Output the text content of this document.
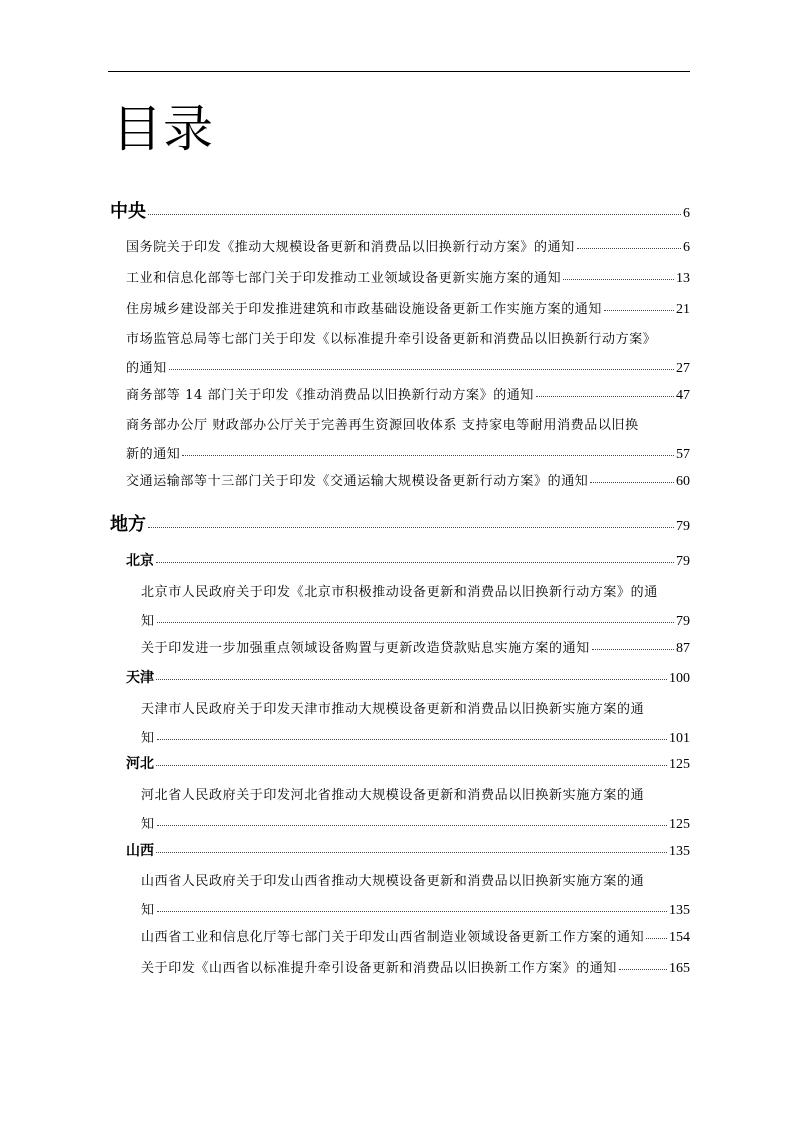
目录
中央	6
国务院关于印发《推动大规模设备更新和消费品以旧换新行动方案》的通知	6
工业和信息化部等七部门关于印发推动工业领域设备更新实施方案的通知	13
住房城乡建设部关于印发推进建筑和市政基础设施设备更新工作实施方案的通知	21
市场监管总局等七部门关于印发《以标准提升牵引设备更新和消费品以旧换新行动方案》
的通知	27
商务部等 14 部门关于印发《推动消费品以旧换新行动方案》的通知	47
商务部办公厅 财政部办公厅关于完善再生资源回收体系 支持家电等耐用消费品以旧换
新的通知	57
交通运输部等十三部门关于印发《交通运输大规模设备更新行动方案》的通知	60
地方	79
北京	79
北京市人民政府关于印发《北京市积极推动设备更新和消费品以旧换新行动方案》的通
知	79
关于印发进一步加强重点领域设备购置与更新改造贷款贴息实施方案的通知	87
天津	100
天津市人民政府关于印发天津市推动大规模设备更新和消费品以旧换新实施方案的通
知	101
河北	125
河北省人民政府关于印发河北省推动大规模设备更新和消费品以旧换新实施方案的通
知	125
山西	135
山西省人民政府关于印发山西省推动大规模设备更新和消费品以旧换新实施方案的通
知	135
山西省工业和信息化厅等七部门关于印发山西省制造业领域设备更新工作方案的通知 154
关于印发《山西省以标准提升牵引设备更新和消费品以旧换新工作方案》的通知	165
